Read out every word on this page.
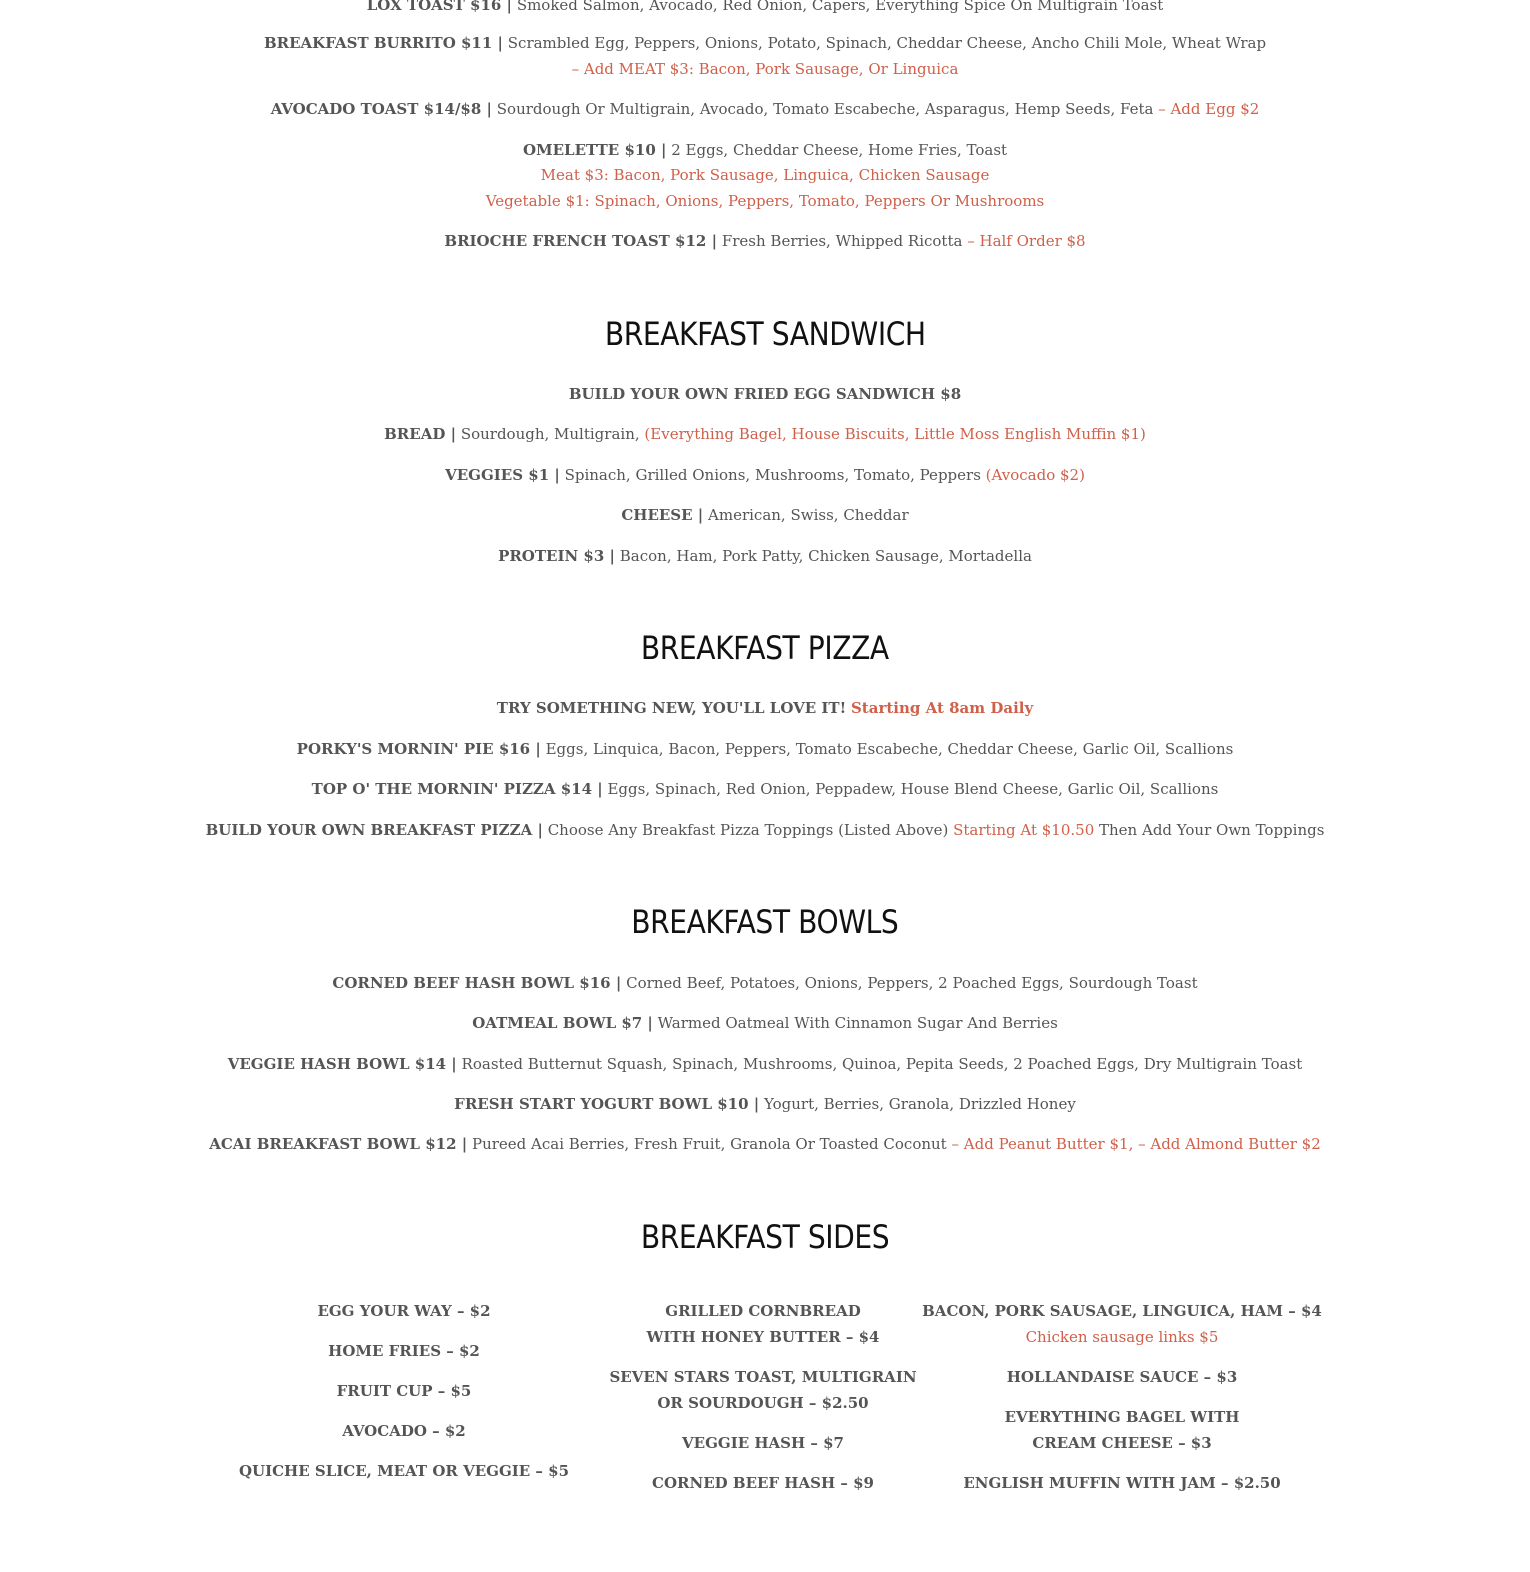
LOX TOAST $16 | Smoked Salmon, Avocado, Red Onion, Capers, Everything Spice On Multigrain Toast
BREAKFAST BURRITO $11 | Scrambled Egg, Peppers, Onions, Potato, Spinach, Cheddar Cheese, Ancho Chili Mole, Wheat Wrap
– Add MEAT $3: Bacon, Pork Sausage, Or Linguica
AVOCADO TOAST $14/$8 | Sourdough Or Multigrain, Avocado, Tomato Escabeche, Asparagus, Hemp Seeds, Feta – Add Egg $2
OMELETTE $10 | 2 Eggs, Cheddar Cheese, Home Fries, Toast
Meat $3: Bacon, Pork Sausage, Linguica, Chicken Sausage
Vegetable $1: Spinach, Onions, Peppers, Tomato, Peppers Or Mushrooms
BRIOCHE FRENCH TOAST $12 | Fresh Berries, Whipped Ricotta – Half Order $8
BREAKFAST SANDWICH
BUILD YOUR OWN FRIED EGG SANDWICH $8
BREAD | Sourdough, Multigrain, (Everything Bagel, House Biscuits, Little Moss English Muffin $1)
VEGGIES $1 | Spinach, Grilled Onions, Mushrooms, Tomato, Peppers (Avocado $2)
CHEESE | American, Swiss, Cheddar
PROTEIN $3 | Bacon, Ham, Pork Patty, Chicken Sausage, Mortadella
BREAKFAST PIZZA
TRY SOMETHING NEW, YOU'LL LOVE IT! Starting At 8am Daily
PORKY'S MORNIN' PIE $16 | Eggs, Linquica, Bacon, Peppers, Tomato Escabeche, Cheddar Cheese, Garlic Oil, Scallions
TOP O' THE MORNIN' PIZZA $14 | Eggs, Spinach, Red Onion, Peppadew, House Blend Cheese, Garlic Oil, Scallions
BUILD YOUR OWN BREAKFAST PIZZA | Choose Any Breakfast Pizza Toppings (Listed Above) Starting At $10.50 Then Add Your Own Toppings
BREAKFAST BOWLS
CORNED BEEF HASH BOWL $16 | Corned Beef, Potatoes, Onions, Peppers, 2 Poached Eggs, Sourdough Toast
OATMEAL BOWL $7 | Warmed Oatmeal With Cinnamon Sugar And Berries
VEGGIE HASH BOWL $14 | Roasted Butternut Squash, Spinach, Mushrooms, Quinoa, Pepita Seeds, 2 Poached Eggs, Dry Multigrain Toast
FRESH START YOGURT BOWL $10 | Yogurt, Berries, Granola, Drizzled Honey
ACAI BREAKFAST BOWL $12 | Pureed Acai Berries, Fresh Fruit, Granola Or Toasted Coconut – Add Peanut Butter $1, – Add Almond Butter $2
BREAKFAST SIDES
EGG YOUR WAY – $2
HOME FRIES – $2
FRUIT CUP – $5
AVOCADO – $2
QUICHE SLICE, MEAT OR VEGGIE – $5
GRILLED CORNBREAD
WITH HONEY BUTTER – $4
SEVEN STARS TOAST, MULTIGRAIN
OR SOURDOUGH – $2.50
VEGGIE HASH – $7
CORNED BEEF HASH – $9
BACON, PORK SAUSAGE, LINGUICA, HAM – $4
Chicken sausage links $5
HOLLANDAISE SAUCE – $3
EVERYTHING BAGEL WITH
CREAM CHEESE – $3
ENGLISH MUFFIN WITH JAM – $2.50
